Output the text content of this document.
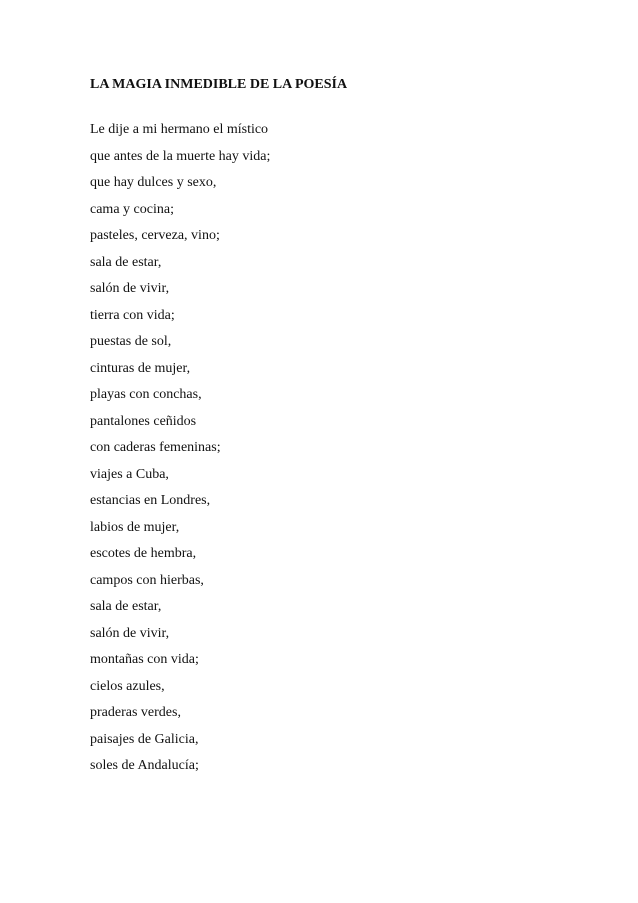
LA MAGIA INMEDIBLE DE LA POESÍA
Le dije a mi hermano el místico
que antes de la muerte hay vida;
que hay dulces y sexo,
cama y cocina;
pasteles, cerveza, vino;
sala de estar,
salón de vivir,
tierra con vida;
puestas de sol,
cinturas de mujer,
playas con conchas,
pantalones ceñidos
con caderas femeninas;
viajes a Cuba,
estancias en Londres,
labios de mujer,
escotes de hembra,
campos con hierbas,
sala de estar,
salón de vivir,
montañas con vida;
cielos azules,
praderas verdes,
paisajes de Galicia,
soles de Andalucía;
